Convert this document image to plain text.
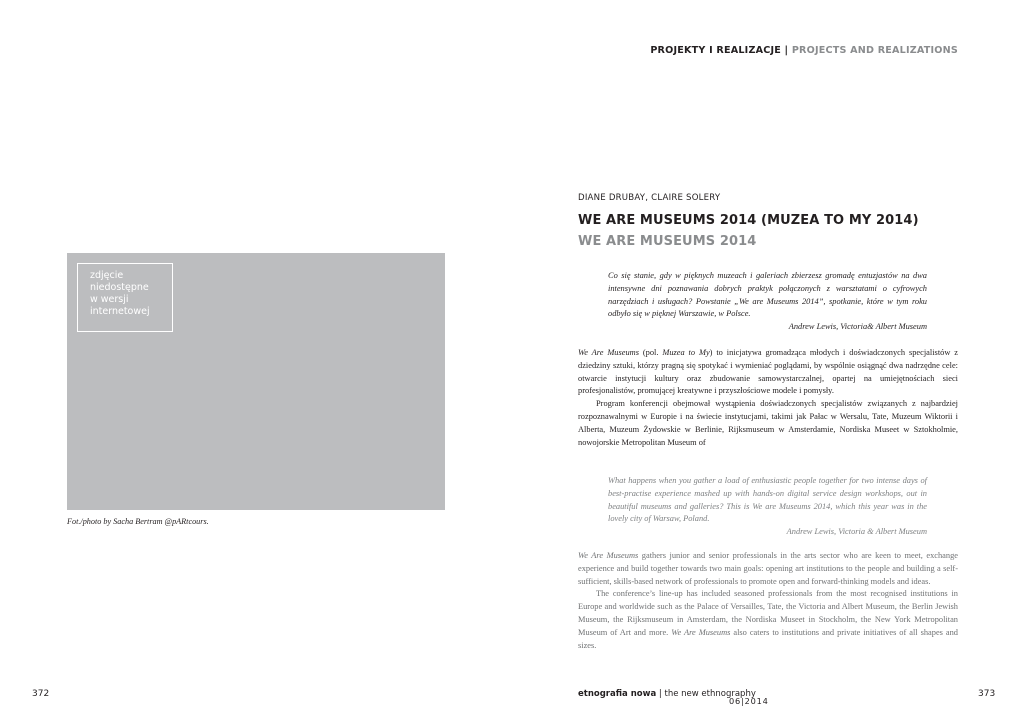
PROJEKTY I REALIZACJE | PROJECTS AND REALIZATIONS
zdjęcie
niedostępne
w wersji
internetowej
Fot./photo by Sacha Bertram @pARtcours.
DIANE DRUBAY, CLAIRE SOLERY
WE ARE MUSEUMS 2014 (MUZEA TO MY 2014)
WE ARE MUSEUMS 2014
Co się stanie, gdy w pięknych muzeach i galeriach zbierzesz gromadę entuzjastów na dwa intensywne dni poznawania dobrych praktyk połączonych z warsztatami o cyfrowych narzędziach i usługach? Powstanie „We are Museums 2014”, spotkanie, które w tym roku odbyło się w pięknej Warszawie, w Polsce.
Andrew Lewis, Victoria& Albert Museum

We Are Museums (pol. Muzea to My) to inicjatywa gromadząca młodych i doświadczonych specjalistów z dziedziny sztuki, którzy pragną się spotykać i wymieniać poglądami, by wspólnie osiągnąć dwa nadrzędne cele: otwarcie instytucji kultury oraz zbudowanie samowystarczalnej, opartej na umiejętnościach sieci profesjonalistów, promującej kreatywne i przyszłościowe modele i pomysły.

Program konferencji obejmował wystąpienia doświadczonych specjalistów związanych z najbardziej rozpoznawalnymi w Europie i na świecie instytucjami, takimi jak Pałac w Wersalu, Tate, Muzeum Wiktorii i Alberta, Muzeum Żydowskie w Berlinie, Rijksmuseum w Amsterdamie, Nordiska Museet w Sztokholmie, nowojorskie Metropolitan Museum of

What happens when you gather a load of enthusiastic people together for two intense days of best-practise experience mashed up with hands-on digital service design workshops, out in beautiful museums and galleries? This is We are Museums 2014, which this year was in the lovely city of Warsaw, Poland.
Andrew Lewis, Victoria & Albert Museum

We Are Museums gathers junior and senior professionals in the arts sector who are keen to meet, exchange experience and build together towards two main goals: opening art institutions to the people and building a self-sufficient, skills-based network of professionals to promote open and forward-thinking models and ideas.

The conference’s line-up has included seasoned professionals from the most recognised institutions in Europe and worldwide such as the Palace of Versailles, Tate, the Victoria and Albert Museum, the Berlin Jewish Museum, the Rijksmuseum in Amsterdam, the Nordiska Museet in Stockholm, the New York Metropolitan Museum of Art and more. We Are Museums also caters to institutions and private initiatives of all shapes and sizes.

372	etnografia nowa | the new ethnography
06|2014
373
